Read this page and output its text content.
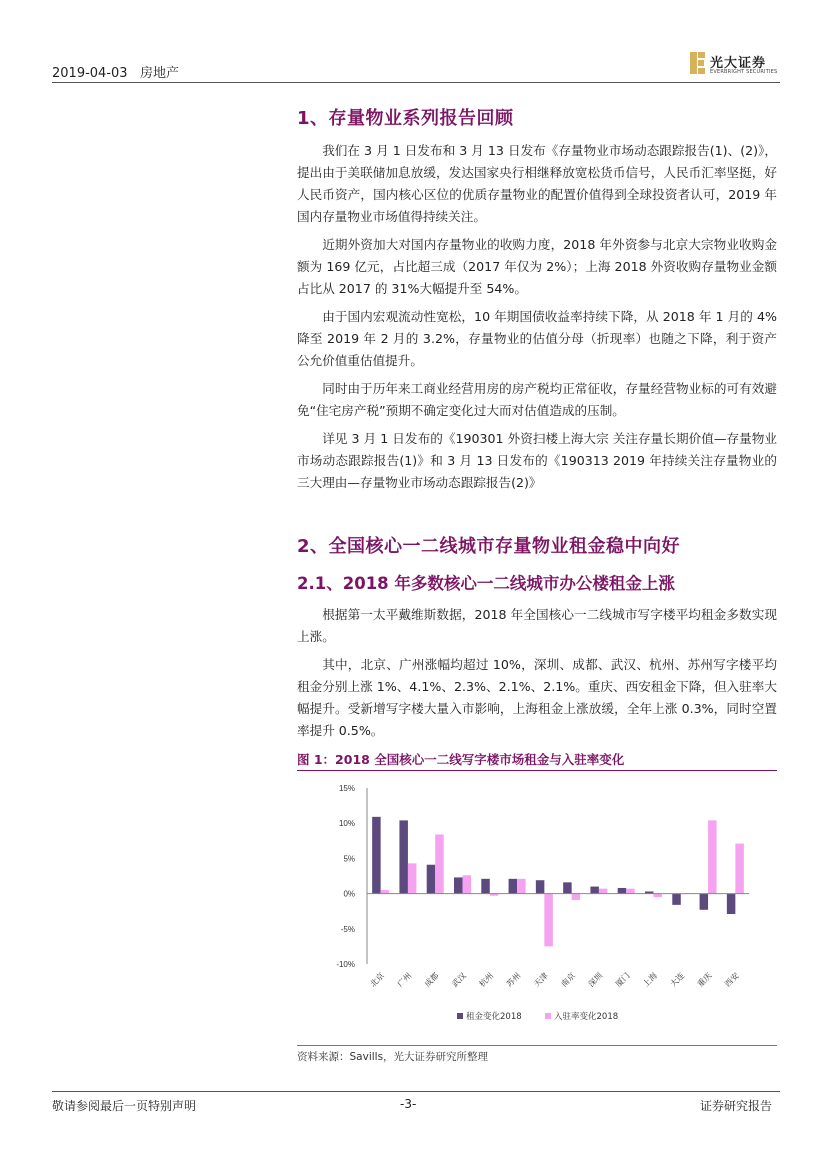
2019-04-03 房地产
光大证券
EVERBRIGHT SECURITIES
1、存量物业系列报告回顾

我们在 3 月 1 日发布和 3 月 13 日发布《存量物业市场动态跟踪报告(1)、(2)》，提出由于美联储加息放缓，发达国家央行相继释放宽松货币信号，人民币汇率坚挺，好人民币资产，国内核心区位的优质存量物业的配置价值得到全球投资者认可，2019 年国内存量物业市场值得持续关注。

近期外资加大对国内存量物业的收购力度，2018 年外资参与北京大宗物业收购金额为 169 亿元，占比超三成（2017 年仅为 2%）；上海 2018 外资收购存量物业金额占比从 2017 的 31%大幅提升至 54%。

由于国内宏观流动性宽松，10 年期国债收益率持续下降，从 2018 年 1 月的 4%降至 2019 年 2 月的 3.2%，存量物业的估值分母（折现率）也随之下降，利于资产公允价值重估值提升。

同时由于历年来工商业经营用房的房产税均正常征收，存量经营物业标的可有效避免“住宅房产税”预期不确定变化过大而对估值造成的压制。

详见 3 月 1 日发布的《190301 外资扫楼上海大宗 关注存量长期价值—存量物业市场动态跟踪报告(1)》和 3 月 13 日发布的《190313 2019 年持续关注存量物业的三大理由—存量物业市场动态跟踪报告(2)》

2、全国核心一二线城市存量物业租金稳中向好
2.1、2018 年多数核心一二线城市办公楼租金上涨

根据第一太平戴维斯数据，2018 年全国核心一二线城市写字楼平均租金多数实现上涨。

其中，北京、广州涨幅均超过 10%，深圳、成都、武汉、杭州、苏州写字楼平均租金分别上涨 1%、4.1%、2.3%、2.1%、2.1%。重庆、西安租金下降，但入驻率大幅提升。受新增写字楼大量入市影响，上海租金上涨放缓，全年上涨 0.3%，同时空置率提升 0.5%。

图 1：2018 全国核心一二线写字楼市场租金与入驻率变化
15%
10%
5%
0%
-5%
-10%
北京 广州 成都 武汉 杭州 苏州 天津 南京 深圳 厦门 上海 大连 重庆 西安
租金变化2018	入驻率变化2018
资料来源：Savills，光大证券研究所整理
敬请参阅最后一页特别声明	-3-	证券研究报告
